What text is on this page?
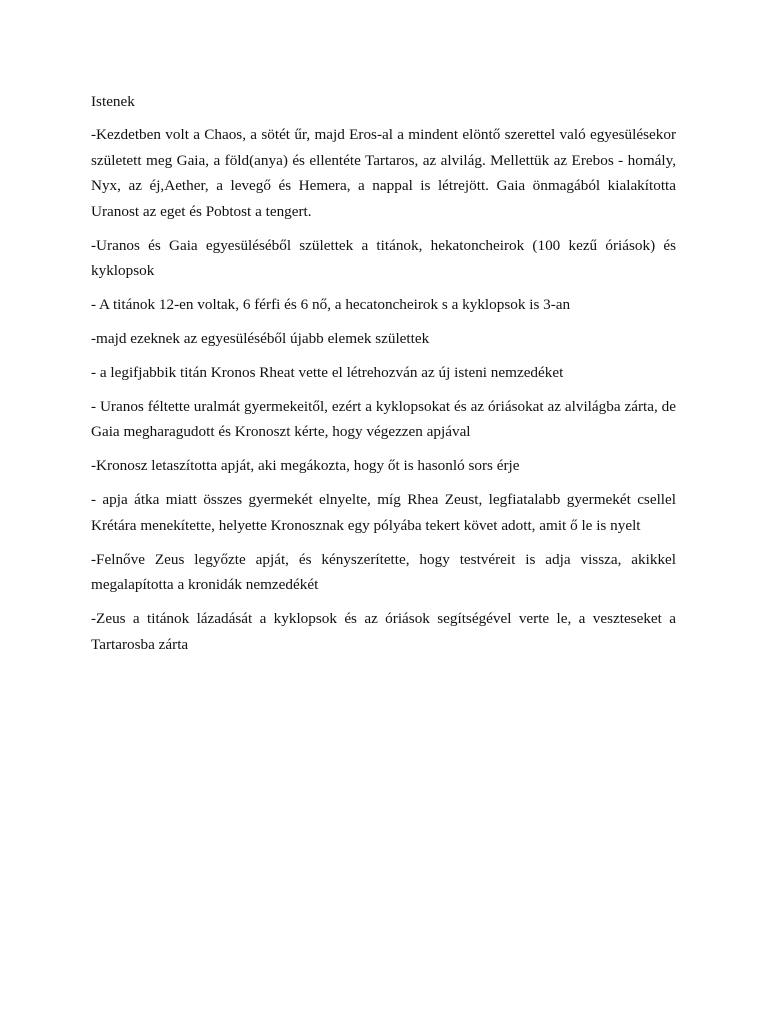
Istenek

-Kezdetben volt a Chaos, a sötét űr, majd Eros-al a mindent elöntő szerettel való egyesülésekor született meg Gaia, a föld(anya) és ellentéte Tartaros, az alvilág. Mellettük az Erebos - homály, Nyx, az éj,Aether, a levegő és Hemera, a nappal is létrejött. Gaia önmagából kialakította Uranost az eget és Pobtost a tengert.

-Uranos és Gaia egyesüléséből születtek a titánok, hekatoncheirok (100 kezű óriások) és kyklopsok

- A titánok 12-en voltak, 6 férfi és 6 nő, a hecatoncheirok s a kyklopsok is 3-an

-majd ezeknek az egyesüléséből újabb elemek születtek

- a legifjabbik titán Kronos Rheat vette el létrehozván az új isteni nemzedéket

- Uranos féltette uralmát gyermekeitől, ezért a kyklopsokat és az óriásokat az alvilágba zárta, de Gaia megharagudott és Kronoszt kérte, hogy végezzen apjával

-Kronosz letaszította apját, aki megákozta, hogy őt is hasonló sors érje

- apja átka miatt összes gyermekét elnyelte, míg Rhea Zeust, legfiatalabb gyermekét csellel Krétára menekítette, helyette Kronosznak egy pólyába tekert követ adott, amit ő le is nyelt

-Felnőve Zeus legyőzte apját, és kényszerítette, hogy testvéreit is adja vissza, akikkel megalapította a kronidák nemzedékét

-Zeus a titánok lázadását a kyklopsok és az óriások segítségével verte le, a veszteseket a Tartarosba zárta
